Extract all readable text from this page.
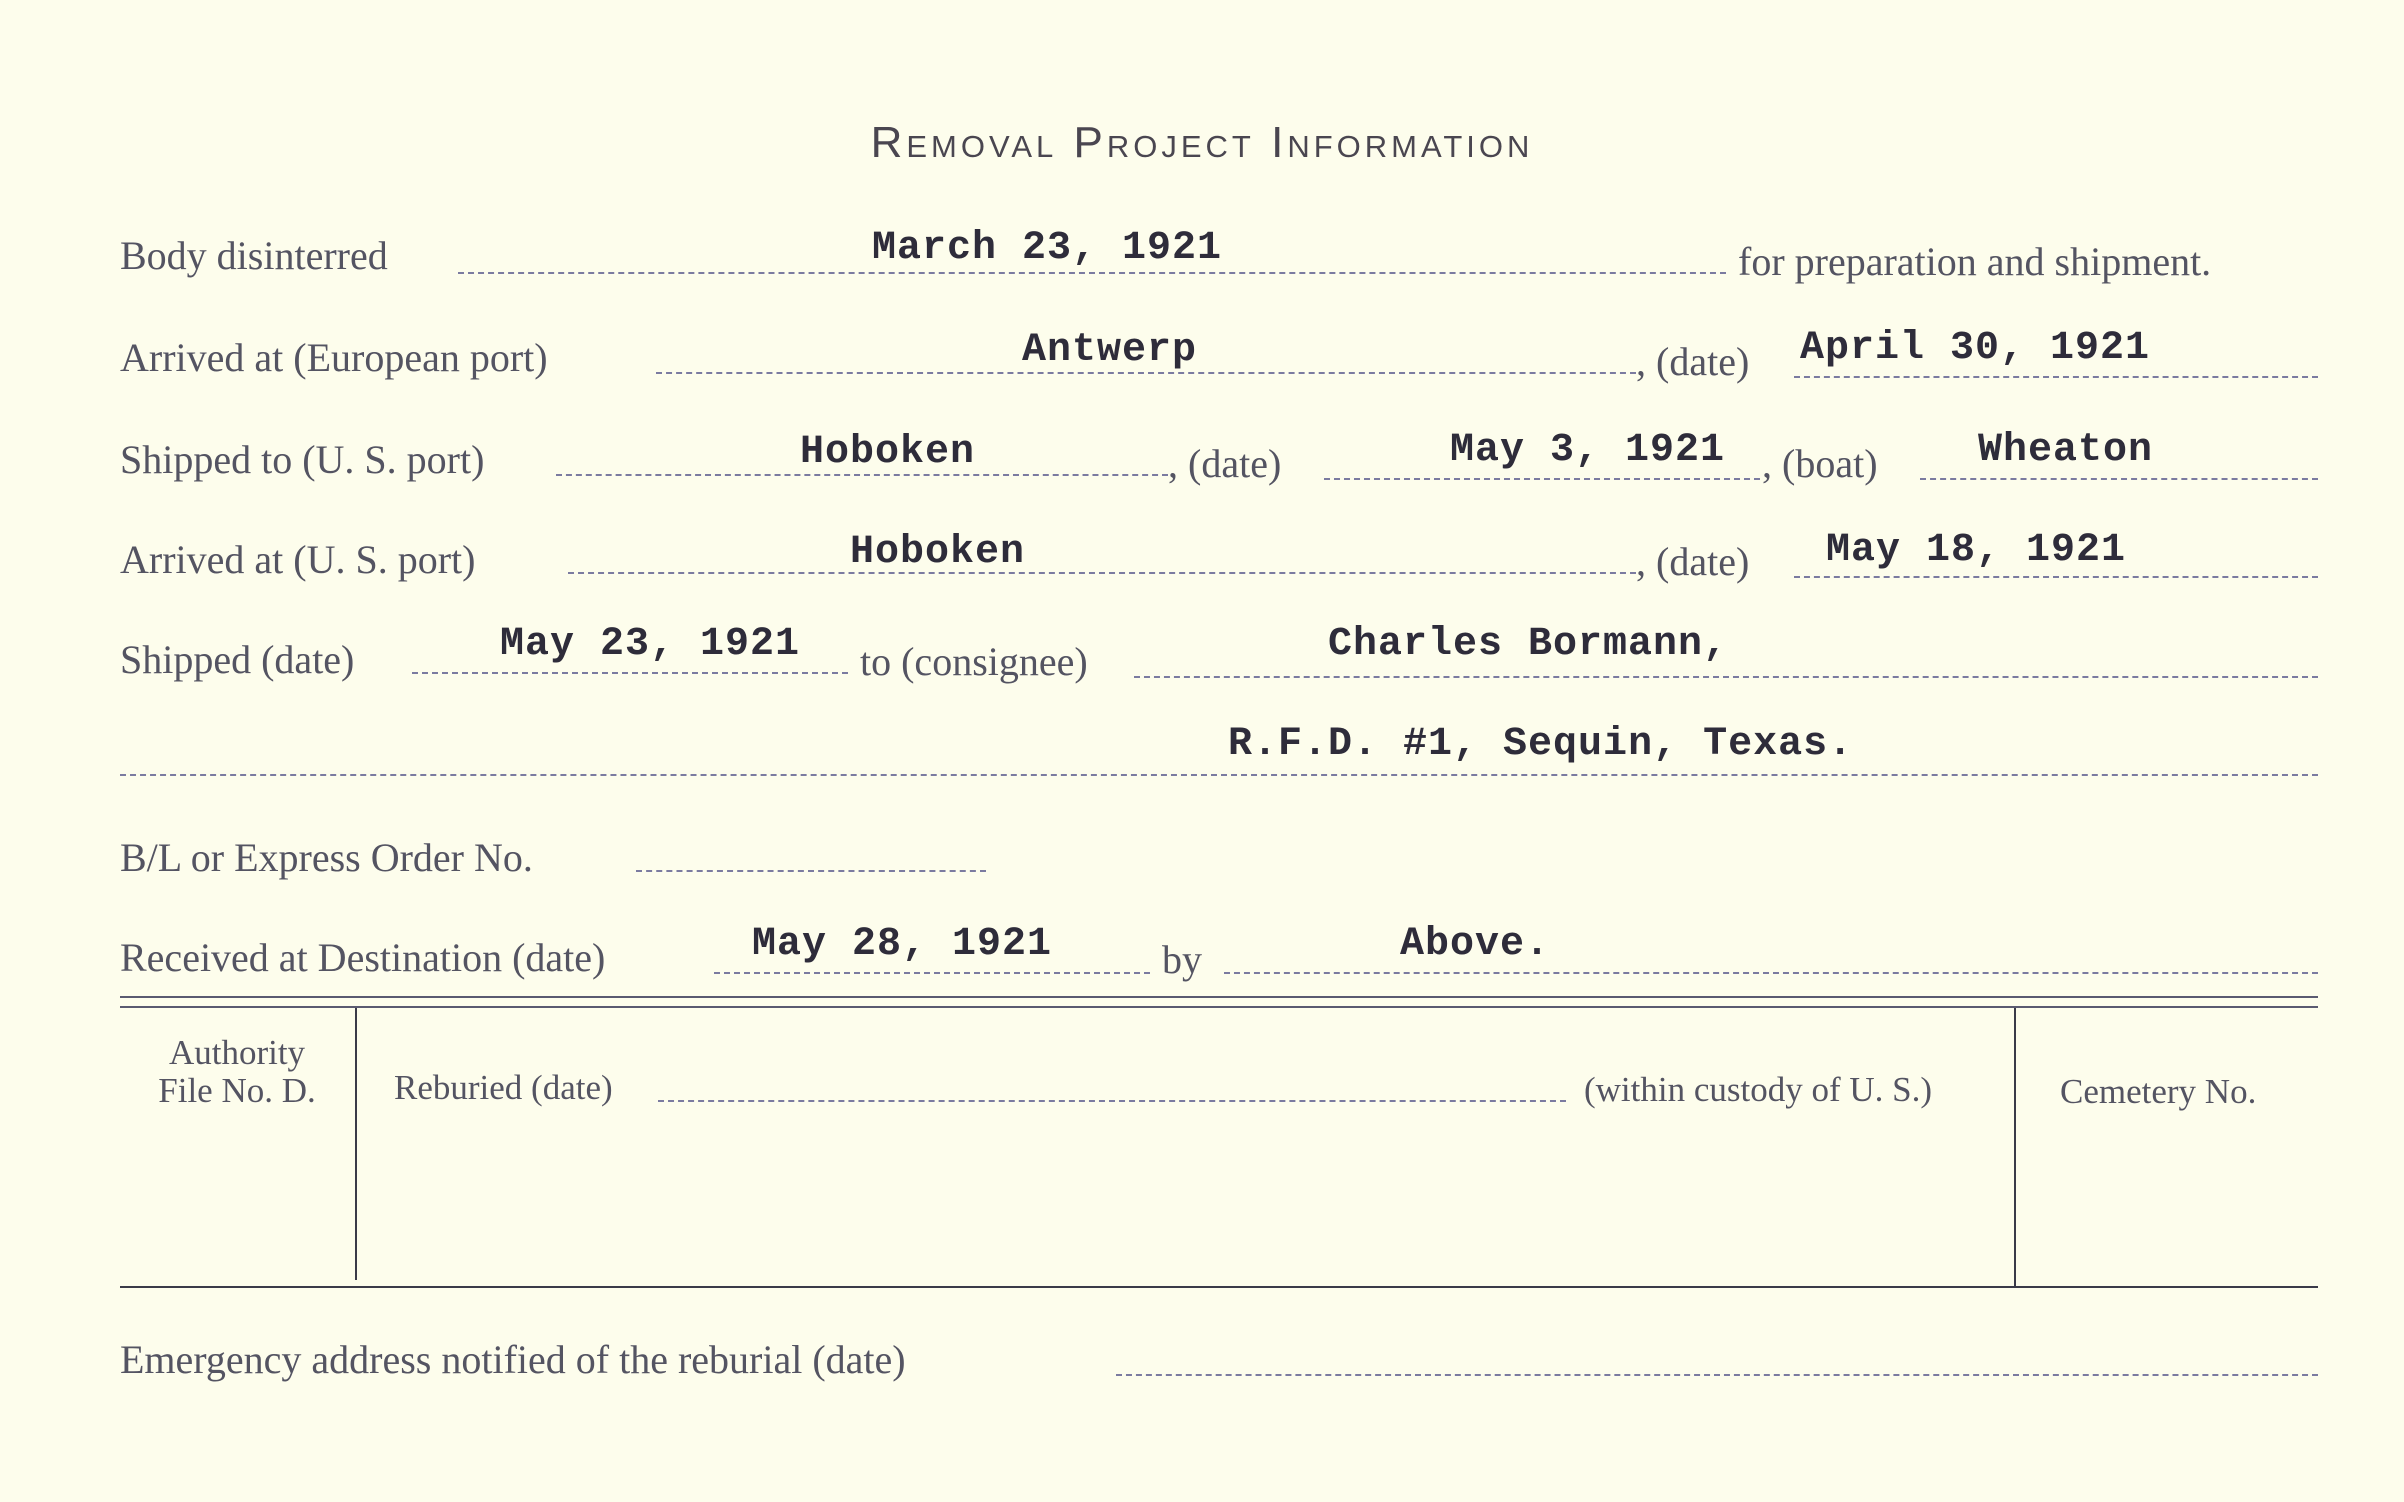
Removal Project Information
Body disinterred	March 23, 1921	for preparation and shipment.
Arrived at (European port)	Antwerp	, (date) April 30, 1921
Shipped to (U. S. port)	Hoboken	, (date)	May 3, 1921 , (boat)	Wheaton
Arrived at (U. S. port)	Hoboken	, (date) May 18, 1921
Shipped (date)	May 23, 1921 to (consignee)	Charles Bormann,
R.F.D. #1, Sequin, Texas.
B/L or Express Order No.
Received at Destination (date)	May 28, 1921	by	Above.
Authority
File No. D.	Reburied (date)	(within custody of U. S.)	Cemetery No.
Emergency address notified of the reburial (date)
